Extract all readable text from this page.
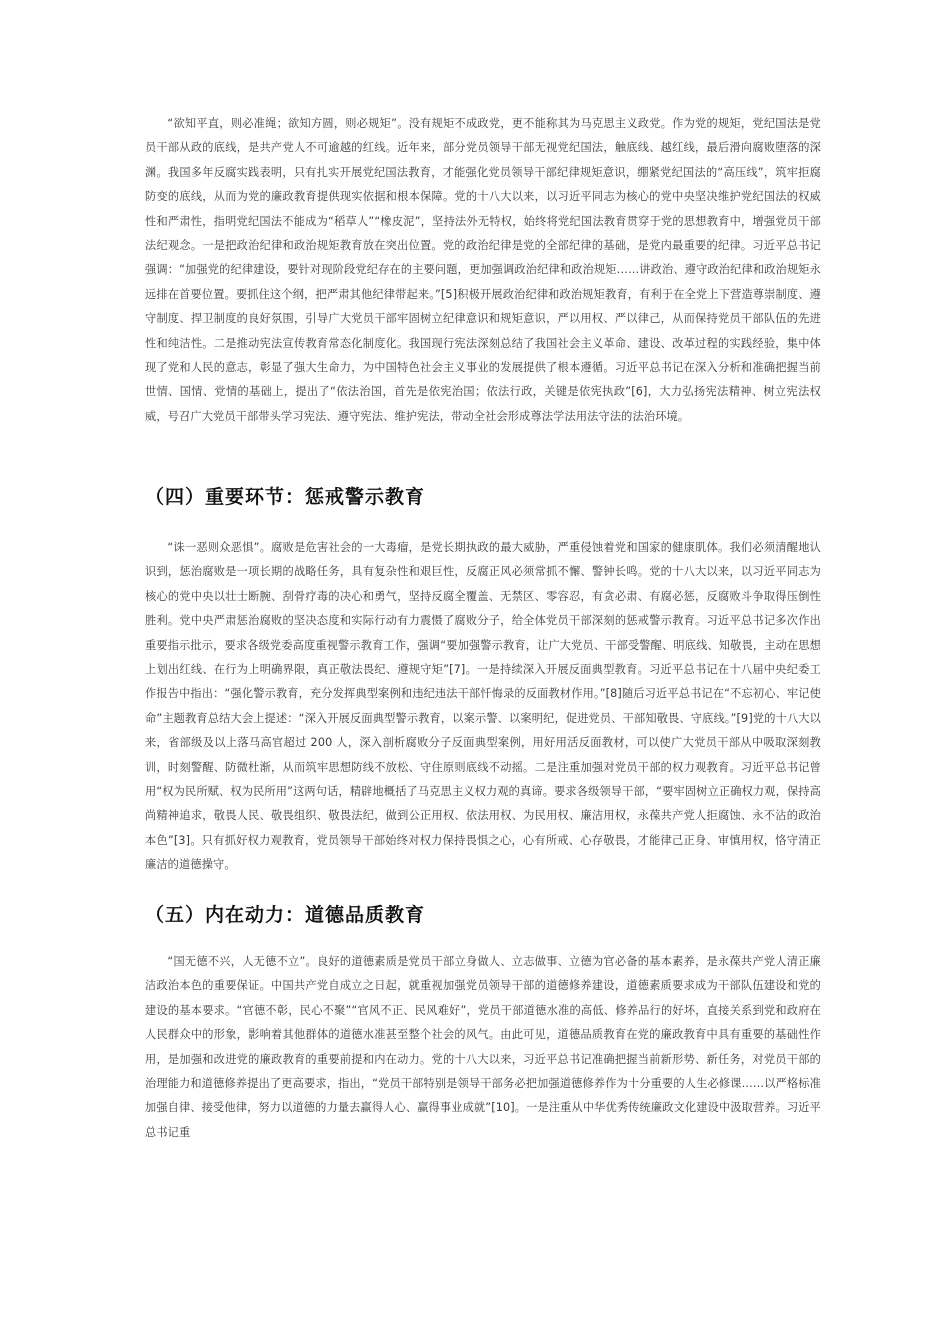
“欲知平直，则必准绳；欲知方圆，则必规矩”。没有规矩不成政党，更不能称其为马克思主义政党。作为党的规矩，党纪国法是党员干部从政的底线，是共产党人不可逾越的红线。近年来，部分党员领导干部无视党纪国法，触底线、越红线，最后滑向腐败堕落的深渊。我国多年反腐实践表明，只有扎实开展党纪国法教育，才能强化党员领导干部纪律规矩意识，绷紧党纪国法的“高压线”，筑牢拒腐防变的底线，从而为党的廉政教育提供现实依据和根本保障。党的十八大以来，以习近平同志为核心的党中央坚决维护党纪国法的权威性和严肃性，指明党纪国法不能成为“稻草人”“橡皮泥”，坚持法外无特权，始终将党纪国法教育贯穿于党的思想教育中，增强党员干部法纪观念。一是把政治纪律和政治规矩教育放在突出位置。党的政治纪律是党的全部纪律的基础，是党内最重要的纪律。习近平总书记强调：“加强党的纪律建设，要针对现阶段党纪存在的主要问题，更加强调政治纪律和政治规矩……讲政治、遵守政治纪律和政治规矩永远排在首要位置。要抓住这个纲，把严肃其他纪律带起来。”[5]积极开展政治纪律和政治规矩教育，有利于在全党上下营造尊崇制度、遵守制度、捍卫制度的良好氛围，引导广大党员干部牢固树立纪律意识和规矩意识，严以用权、严以律己，从而保持党员干部队伍的先进性和纯洁性。二是推动宪法宣传教育常态化制度化。我国现行宪法深刻总结了我国社会主义革命、建设、改革过程的实践经验，集中体现了党和人民的意志，彰显了强大生命力，为中国特色社会主义事业的发展提供了根本遵循。习近平总书记在深入分析和准确把握当前世情、国情、党情的基础上，提出了“依法治国，首先是依宪治国；依法行政，关键是依宪执政”[6]，大力弘扬宪法精神、树立宪法权威，号召广大党员干部带头学习宪法、遵守宪法、维护宪法，带动全社会形成尊法学法用法守法的法治环境。

（四）重要环节：惩戒警示教育

“诛一恶则众恶惧”。腐败是危害社会的一大毒瘤，是党长期执政的最大威胁，严重侵蚀着党和国家的健康肌体。我们必须清醒地认识到，惩治腐败是一项长期的战略任务，具有复杂性和艰巨性，反腐正风必须常抓不懈、警钟长鸣。党的十八大以来，以习近平同志为核心的党中央以壮士断腕、刮骨疗毒的决心和勇气，坚持反腐全覆盖、无禁区、零容忍，有贪必肃、有腐必惩，反腐败斗争取得压倒性胜利。党中央严肃惩治腐败的坚决态度和实际行动有力震慑了腐败分子，给全体党员干部深刻的惩戒警示教育。习近平总书记多次作出重要指示批示，要求各级党委高度重视警示教育工作，强调“要加强警示教育，让广大党员、干部受警醒、明底线、知敬畏，主动在思想上划出红线、在行为上明确界限，真正敬法畏纪、遵规守矩”[7]。一是持续深入开展反面典型教育。习近平总书记在十八届中央纪委工作报告中指出：“强化警示教育，充分发挥典型案例和违纪违法干部忏悔录的反面教材作用。”[8]随后习近平总书记在“不忘初心、牢记使命”主题教育总结大会上提述：“深入开展反面典型警示教育，以案示警、以案明纪，促进党员、干部知敬畏、守底线。”[9]党的十八大以来，省部级及以上落马高官超过 200 人，深入剖析腐败分子反面典型案例，用好用活反面教材，可以使广大党员干部从中吸取深刻教训，时刻警醒、防微杜渐，从而筑牢思想防线不放松、守住原则底线不动摇。二是注重加强对党员干部的权力观教育。习近平总书记曾用“权为民所赋、权为民所用”这两句话，精辟地概括了马克思主义权力观的真谛。要求各级领导干部，“要牢固树立正确权力观，保持高尚精神追求，敬畏人民、敬畏组织、敬畏法纪，做到公正用权、依法用权、为民用权、廉洁用权，永葆共产党人拒腐蚀、永不沾的政治本色”[3]。只有抓好权力观教育，党员领导干部始终对权力保持畏惧之心，心有所戒、心存敬畏，才能律己正身、审慎用权，恪守清正廉洁的道德操守。

（五）内在动力：道德品质教育

“国无德不兴，人无德不立”。良好的道德素质是党员干部立身做人、立志做事、立德为官必备的基本素养，是永葆共产党人清正廉洁政治本色的重要保证。中国共产党自成立之日起，就重视加强党员领导干部的道德修养建设，道德素质要求成为干部队伍建设和党的建设的基本要求。“官德不彰，民心不聚”“官风不正、民风难好”，党员干部道德水准的高低、修养品行的好坏，直接关系到党和政府在人民群众中的形象，影响着其他群体的道德水准甚至整个社会的风气。由此可见，道德品质教育在党的廉政教育中具有重要的基础性作用，是加强和改进党的廉政教育的重要前提和内在动力。党的十八大以来，习近平总书记准确把握当前新形势、新任务，对党员干部的治理能力和道德修养提出了更高要求，指出，“党员干部特别是领导干部务必把加强道德修养作为十分重要的人生必修课……以严格标准加强自律、接受他律，努力以道德的力量去赢得人心、赢得事业成就”[10]。一是注重从中华优秀传统廉政文化建设中汲取营养。习近平总书记重
